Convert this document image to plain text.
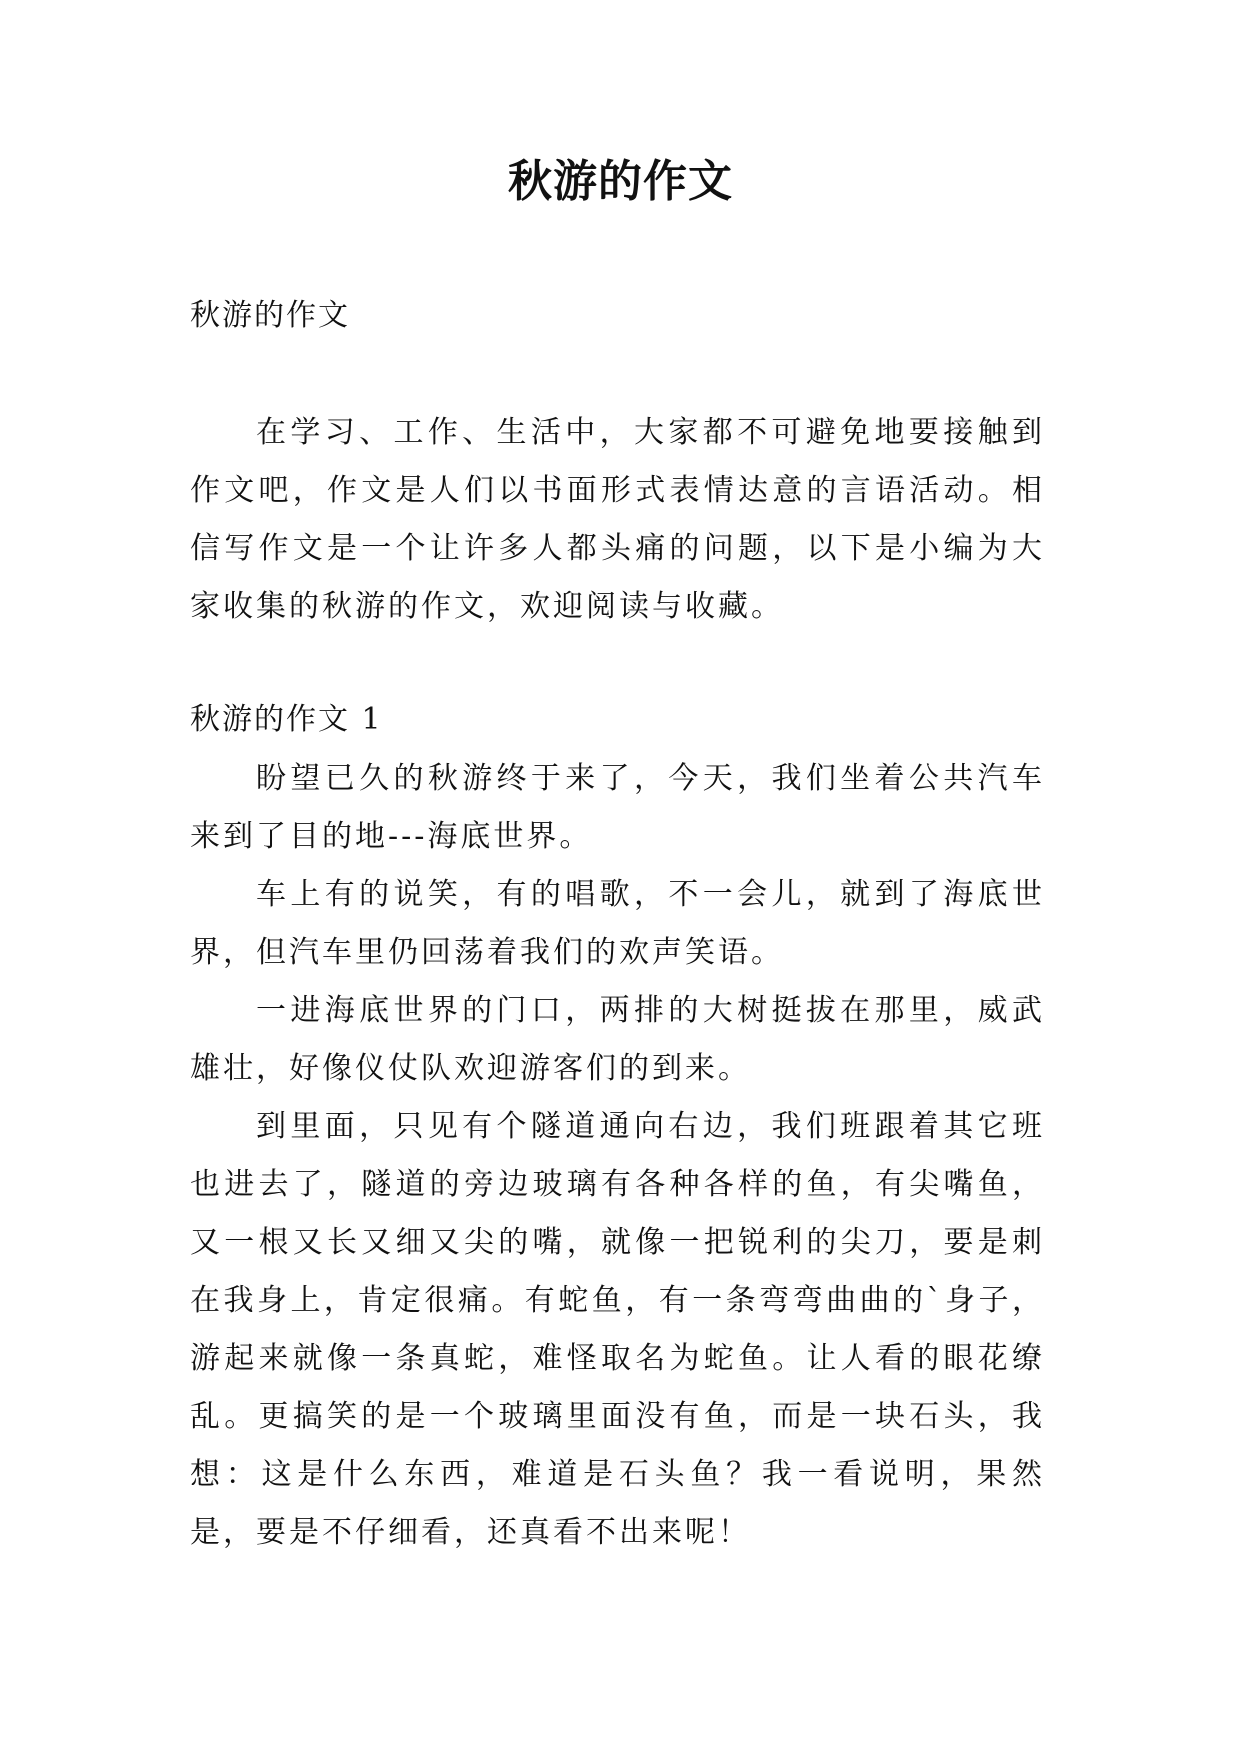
秋游的作文
秋游的作文

在学习、工作、生活中，大家都不可避免地要接触到作文吧，作文是人们以书面形式表情达意的言语活动。相信写作文是一个让许多人都头痛的问题，以下是小编为大家收集的秋游的作文，欢迎阅读与收藏。

秋游的作文 1

盼望已久的秋游终于来了，今天，我们坐着公共汽车来到了目的地---海底世界。

车上有的说笑，有的唱歌，不一会儿，就到了海底世界，但汽车里仍回荡着我们的欢声笑语。

一进海底世界的门口，两排的大树挺拔在那里，威武雄壮，好像仪仗队欢迎游客们的到来。

到里面，只见有个隧道通向右边，我们班跟着其它班也进去了，隧道的旁边玻璃有各种各样的鱼，有尖嘴鱼，又一根又长又细又尖的嘴，就像一把锐利的尖刀，要是刺在我身上，肯定很痛。有蛇鱼，有一条弯弯曲曲的`身子，游起来就像一条真蛇，难怪取名为蛇鱼。让人看的眼花缭乱。更搞笑的是一个玻璃里面没有鱼，而是一块石头，我想：这是什么东西，难道是石头鱼？我一看说明，果然是，要是不仔细看，还真看不出来呢！
